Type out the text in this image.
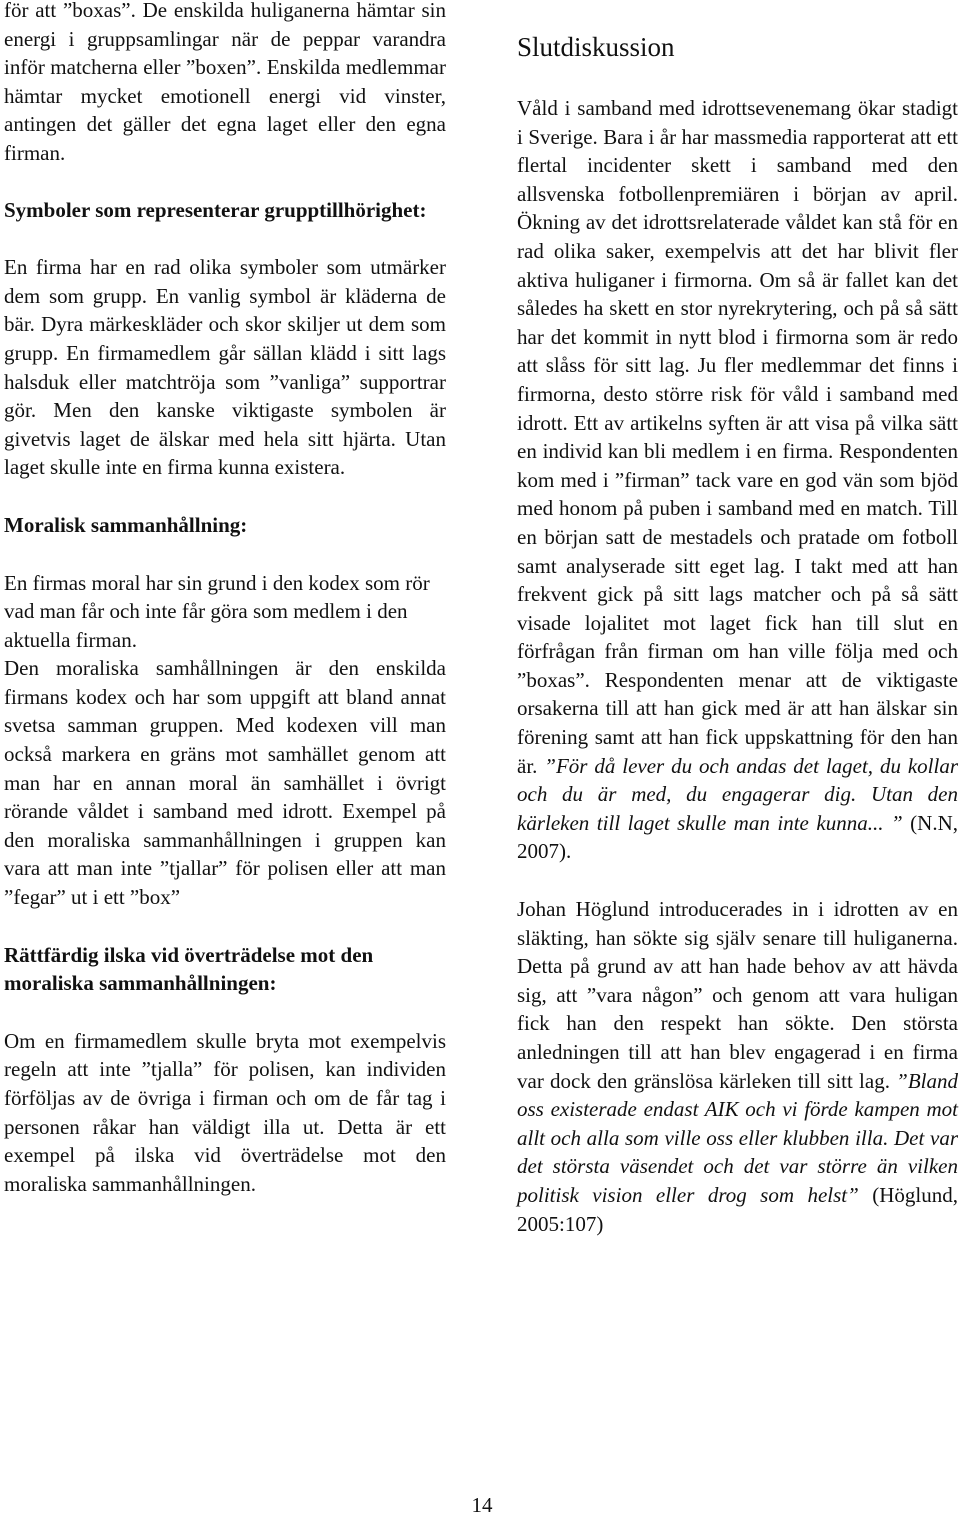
för att ”boxas”. De enskilda huliganerna hämtar sin energi i gruppsamlingar när de peppar varandra inför matcherna eller ”boxen”. Enskilda medlemmar hämtar mycket emotionell energi vid vinster, antingen det gäller det egna laget eller den egna firman.

Symboler som representerar grupptillhörighet:

En firma har en rad olika symboler som utmärker dem som grupp. En vanlig symbol är kläderna de bär. Dyra märkeskläder och skor skiljer ut dem som grupp. En firmamedlem går sällan klädd i sitt lags halsduk eller matchtröja som ”vanliga” supportrar gör. Men den kanske viktigaste symbolen är givetvis laget de älskar med hela sitt hjärta. Utan laget skulle inte en firma kunna existera.

Moralisk sammanhållning:

En firmas moral har sin grund i den kodex som rör vad man får och inte får göra som medlem i den aktuella firman.

Den moraliska samhållningen är den enskilda firmans kodex och har som uppgift att bland annat svetsa samman gruppen. Med kodexen vill man också markera en gräns mot samhället genom att man har en annan moral än samhället i övrigt rörande våldet i samband med idrott. Exempel på den moraliska sammanhållningen i gruppen kan vara att man inte ”tjallar” för polisen eller att man ”fegar” ut i ett ”box”

Rättfärdig ilska vid överträdelse mot den moraliska sammanhållningen:

Om en firmamedlem skulle bryta mot exempelvis regeln att inte ”tjalla” för polisen, kan individen förföljas av de övriga i firman och om de får tag i personen råkar han väldigt illa ut. Detta är ett exempel på ilska vid överträdelse mot den moraliska sammanhållningen.

Slutdiskussion

Våld i samband med idrottsevenemang ökar stadigt i Sverige. Bara i år har massmedia rapporterat att ett flertal incidenter skett i samband med den allsvenska fotbollenpremiären i början av april. Ökning av det idrottsrelaterade våldet kan stå för en rad olika saker, exempelvis att det har blivit fler aktiva huliganer i firmorna. Om så är fallet kan det således ha skett en stor nyrekrytering, och på så sätt har det kommit in nytt blod i firmorna som är redo att slåss för sitt lag. Ju fler medlemmar det finns i firmorna, desto större risk för våld i samband med idrott. Ett av artikelns syften är att visa på vilka sätt en individ kan bli medlem i en firma. Respondenten kom med i ”firman” tack vare en god vän som bjöd med honom på puben i samband med en match. Till en början satt de mestadels och pratade om fotboll samt analyserade sitt eget lag. I takt med att han frekvent gick på sitt lags matcher och på så sätt visade lojalitet mot laget fick han till slut en förfrågan från firman om han ville följa med och ”boxas”. Respondenten menar att de viktigaste orsakerna till att han gick med är att han älskar sin förening samt att han fick uppskattning för den han är. ”För då lever du och andas det laget, du kollar och du är med, du engagerar dig. Utan den kärleken till laget skulle man inte kunna... ” (N.N, 2007).

Johan Höglund introducerades in i idrotten av en släkting, han sökte sig själv senare till huliganerna. Detta på grund av att han hade behov av att hävda sig, att ”vara någon” och genom att vara huligan fick han den respekt han sökte. Den största anledningen till att han blev engagerad i en firma var dock den gränslösa kärleken till sitt lag. ”Bland oss existerade endast AIK och vi förde kampen mot allt och alla som ville oss eller klubben illa. Det var det största väsendet och det var större än vilken politisk vision eller drog som helst” (Höglund, 2005:107)

14
